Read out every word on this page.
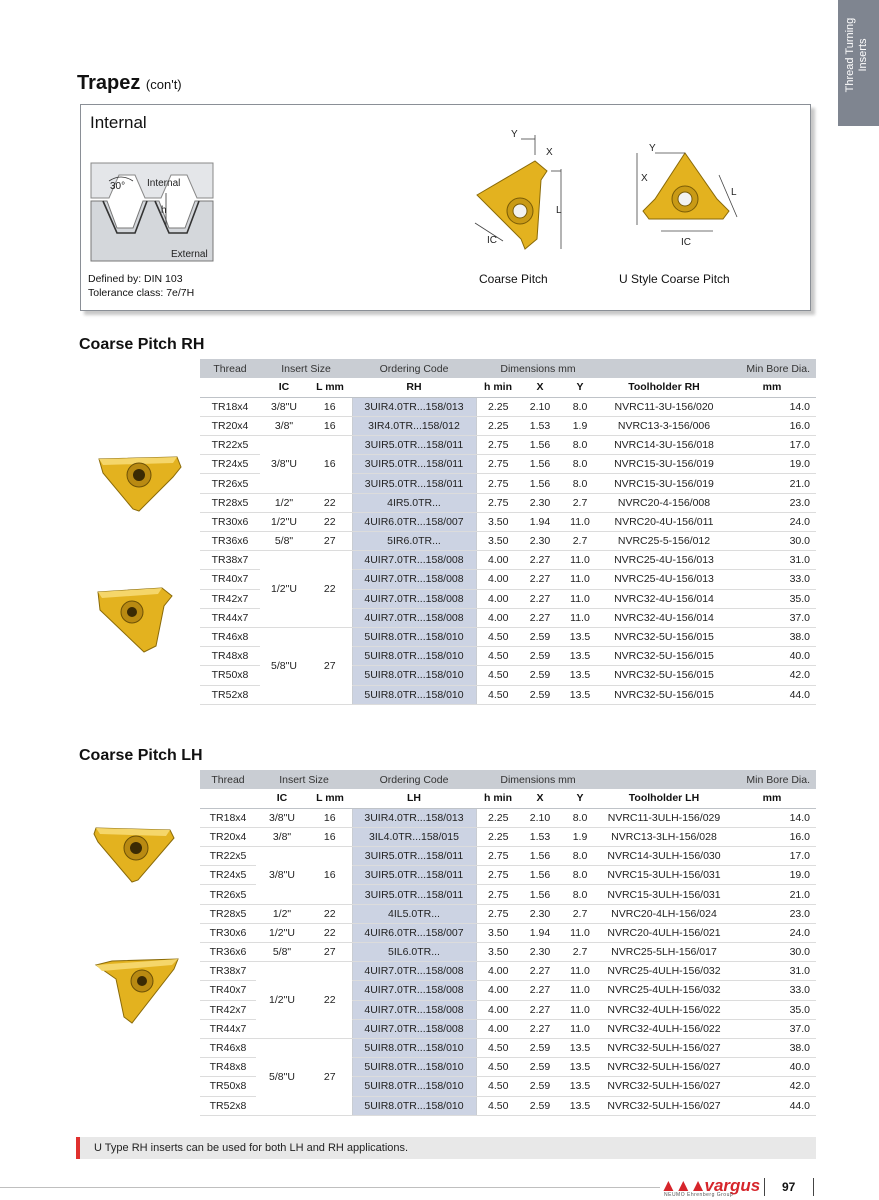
Thread Turning Inserts
Trapez (con't)
Internal
30° Internal
h
External
Defined by: DIN 103
Tolerance class: 7e/7H
Y
X
L
IC
Coarse Pitch
Y
X
L
IC
U Style Coarse Pitch
Coarse Pitch RH
Thread	Insert Size		Ordering Code	Dimensions mm				Min Bore Dia.
	IC	L mm	RH	h min	X	Y	Toolholder RH	mm
TR18x4	3/8"U	16	3UIR4.0TR...158/013	2.25	2.10	8.0	NVRC11-3U-156/020	14.0
TR20x4	3/8"	16	3IR4.0TR...158/012	2.25	1.53	1.9	NVRC13-3-156/006	16.0
TR22x5	3/8"U	16	3UIR5.0TR...158/011	2.75	1.56	8.0	NVRC14-3U-156/018	17.0
TR24x5			3UIR5.0TR...158/011	2.75	1.56	8.0	NVRC15-3U-156/019	19.0
TR26x5			3UIR5.0TR...158/011	2.75	1.56	8.0	NVRC15-3U-156/019	21.0
TR28x5	1/2"	22	4IR5.0TR...	2.75	2.30	2.7	NVRC20-4-156/008	23.0
TR30x6	1/2"U	22	4UIR6.0TR...158/007	3.50	1.94	11.0	NVRC20-4U-156/011	24.0
TR36x6	5/8"	27	5IR6.0TR...	3.50	2.30	2.7	NVRC25-5-156/012	30.0
TR38x7	1/2"U	22	4UIR7.0TR...158/008	4.00	2.27	11.0	NVRC25-4U-156/013	31.0
TR40x7			4UIR7.0TR...158/008	4.00	2.27	11.0	NVRC25-4U-156/013	33.0
TR42x7			4UIR7.0TR...158/008	4.00	2.27	11.0	NVRC32-4U-156/014	35.0
TR44x7			4UIR7.0TR...158/008	4.00	2.27	11.0	NVRC32-4U-156/014	37.0
TR46x8	5/8"U	27	5UIR8.0TR...158/010	4.50	2.59	13.5	NVRC32-5U-156/015	38.0
TR48x8			5UIR8.0TR...158/010	4.50	2.59	13.5	NVRC32-5U-156/015	40.0
TR50x8			5UIR8.0TR...158/010	4.50	2.59	13.5	NVRC32-5U-156/015	42.0
TR52x8			5UIR8.0TR...158/010	4.50	2.59	13.5	NVRC32-5U-156/015	44.0
Coarse Pitch LH
Thread	Insert Size		Ordering Code	Dimensions mm				Min Bore Dia.
	IC	L mm	LH	h min	X	Y	Toolholder LH	mm
TR18x4	3/8"U	16	3UIR4.0TR...158/013	2.25	2.10	8.0	NVRC11-3ULH-156/029	14.0
TR20x4	3/8"	16	3IL4.0TR...158/015	2.25	1.53	1.9	NVRC13-3LH-156/028	16.0
TR22x5	3/8"U	16	3UIR5.0TR...158/011	2.75	1.56	8.0	NVRC14-3ULH-156/030	17.0
TR24x5			3UIR5.0TR...158/011	2.75	1.56	8.0	NVRC15-3ULH-156/031	19.0
TR26x5			3UIR5.0TR...158/011	2.75	1.56	8.0	NVRC15-3ULH-156/031	21.0
TR28x5	1/2"	22	4IL5.0TR...	2.75	2.30	2.7	NVRC20-4LH-156/024	23.0
TR30x6	1/2"U	22	4UIR6.0TR...158/007	3.50	1.94	11.0	NVRC20-4ULH-156/021	24.0
TR36x6	5/8"	27	5IL6.0TR...	3.50	2.30	2.7	NVRC25-5LH-156/017	30.0
TR38x7	1/2"U	22	4UIR7.0TR...158/008	4.00	2.27	11.0	NVRC25-4ULH-156/032	31.0
TR40x7			4UIR7.0TR...158/008	4.00	2.27	11.0	NVRC25-4ULH-156/032	33.0
TR42x7			4UIR7.0TR...158/008	4.00	2.27	11.0	NVRC32-4ULH-156/022	35.0
TR44x7			4UIR7.0TR...158/008	4.00	2.27	11.0	NVRC32-4ULH-156/022	37.0
TR46x8	5/8"U	27	5UIR8.0TR...158/010	4.50	2.59	13.5	NVRC32-5ULH-156/027	38.0
TR48x8			5UIR8.0TR...158/010	4.50	2.59	13.5	NVRC32-5ULH-156/027	40.0
TR50x8			5UIR8.0TR...158/010	4.50	2.59	13.5	NVRC32-5ULH-156/027	42.0
TR52x8			5UIR8.0TR...158/010	4.50	2.59	13.5	NVRC32-5ULH-156/027	44.0
U Type RH inserts can be used for both LH and RH applications.
▲▲▲vargus
NEUMO Ehrenberg Group
97
